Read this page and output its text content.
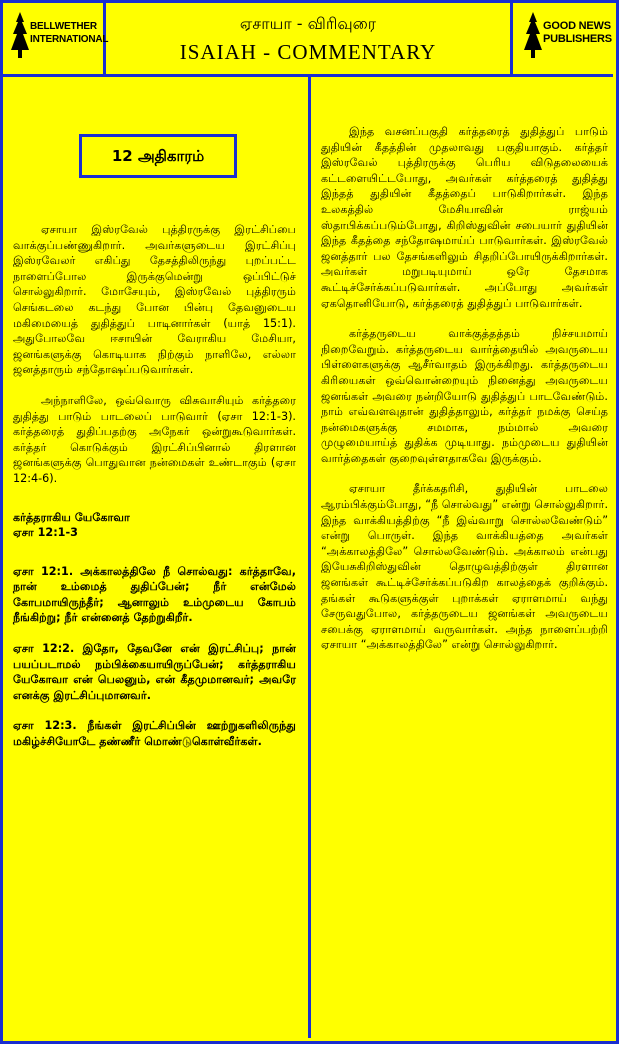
BELLWETHER
INTERNATIONAL
ஏசாயா - விரிவுரை
ISAIAH - COMMENTARY
GOOD NEWS
PUBLISHERS
12 அதிகாரம்

ஏசாயா இஸ்ரவேல் புத்திரருக்கு இரட்சிப்பை வாக்குப்பண்ணுகிறார். அவர்களுடைய இரட்சிப்பு இஸ்ரவேலர் எகிப்து தேசத்திலிருந்து புறப்பட்ட நாளைப்போல இருக்குமென்று ஒப்பிட்டுச் சொல்லுகிறார். மோசேயும், இஸ்ரவேல் புத்திரரும் செங்கடலை கடந்து போன பின்பு தேவனுடைய மகிமையைத் துதித்துப் பாடினார்கள் (யாத் 15:1). அதுபோலவே ஈசாயின் வேராகிய மேசியா, ஜனங்களுக்கு கொடியாக நிற்கும் நாளிலே, எல்லா ஜனத்தாரும் சந்தோஷப்படுவார்கள்.

அந்நாளிலே, ஒவ்வொரு விசுவாசியும் கர்த்தரை துதித்து பாடும் பாடலைப் பாடுவார் (ஏசா 12:1-3). கர்த்தரைத் துதிப்பதற்கு அநேகர் ஒன்றுகூடுவார்கள். கர்த்தர் கொடுக்கும் இரட்சிப்பினால் திரளான ஜனங்களுக்கு பொதுவான நன்மைகள் உண்டாகும் (ஏசா 12:4-6).

கர்த்தராகிய யேகோவா

ஏசா 12:1-3

ஏசா 12:1. அக்காலத்திலே நீ சொல்வது: கர்த்தாவே, நான் உம்மைத் துதிப்பேன்; நீர் என்மேல் கோபமாயிருந்தீர்; ஆனாலும் உம்முடைய கோபம் நீங்கிற்று; நீர் என்னைத் தேற்றுகிறீர்.

ஏசா 12:2. இதோ, தேவனே என் இரட்சிப்பு; நான் பயப்படாமல் நம்பிக்கையாயிருப்பேன்; கர்த்தராகிய யேகோவா என் பெலனும், என் கீதமுமானவர்; அவரே எனக்கு இரட்சிப்புமானவர்.

ஏசா 12:3. நீங்கள் இரட்சிப்பின் ஊற்றுகளிலிருந்து மகிழ்ச்சியோடே தண்ணீர் மொண்டுகொள்வீர்கள்.

இந்த வசனப்பகுதி கர்த்தரைத் துதித்துப் பாடும் துதியின் கீதத்தின் முதலாவது பகுதியாகும். கர்த்தர் இஸ்ரவேல் புத்திரருக்கு பெரிய விடுதலையைக் கட்டளையிட்டபோது, அவர்கள் கர்த்தரைத் துதித்து இந்தத் துதியின் கீதத்தைப் பாடுகிறார்கள். இந்த உலகத்தில் மேசியாவின் ராஜ்யம் ஸ்தாபிக்கப்படும்போது, கிறிஸ்துவின் சபையார் துதியின் இந்த கீதத்தை சந்தோஷமாய்ப் பாடுவார்கள். இஸ்ரவேல் ஜனத்தார் பல தேசங்களிலும் சிதறிப்போயிருக்கிறார்கள். அவர்கள் மறுபடியுமாய் ஒரே தேசமாக கூட்டிச்சேர்க்கப்படுவார்கள். அப்போது அவர்கள் ஏகதொனியோடு, கர்த்தரைத் துதித்துப் பாடுவார்கள்.

கர்த்தருடைய வாக்குத்தத்தம் நிச்சயமாய் நிறைவேறும். கர்த்தருடைய வார்த்தையில் அவருடைய பிள்ளைகளுக்கு ஆசீர்வாதம் இருக்கிறது. கர்த்தருடைய கிரியைகள் ஒவ்வொன்றையும் நினைத்து அவருடைய ஜனங்கள் அவரை நன்றியோடு துதித்துப் பாடவேண்டும். நாம் எவ்வளவுதான் துதித்தாலும், கர்த்தர் நமக்கு செய்த நன்மைகளுக்கு சமமாக, நம்மால் அவரை முழுமையாய்த் துதிக்க முடியாது. நம்முடைய துதியின் வார்த்தைகள் குறைவுள்ளதாகவே இருக்கும்.

ஏசாயா தீர்க்கதரிசி, துதியின் பாடலை ஆரம்பிக்கும்போது, “நீ சொல்வது” என்று சொல்லுகிறார். இந்த வாக்கியத்திற்கு “நீ இவ்வாறு சொல்லவேண்டும்” என்று பொருள். இந்த வாக்கியத்தை அவர்கள் “அக்காலத்திலே” சொல்லவேண்டும். அக்காலம் என்பது இயேசுகிறிஸ்துவின் தொழுவத்திற்குள் திரளான ஜனங்கள் கூட்டிச்சேர்க்கப்படுகிற காலத்தைக் குறிக்கும். தங்கள் கூடுகளுக்குள் புறாக்கள் ஏராளமாய் வந்து சேருவதுபோல, கர்த்தருடைய ஜனங்கள் அவருடைய சபைக்கு ஏராளமாய் வருவார்கள். அந்த நாளைப்பற்றி ஏசாயா “அக்காலத்திலே” என்று சொல்லுகிறார்.
